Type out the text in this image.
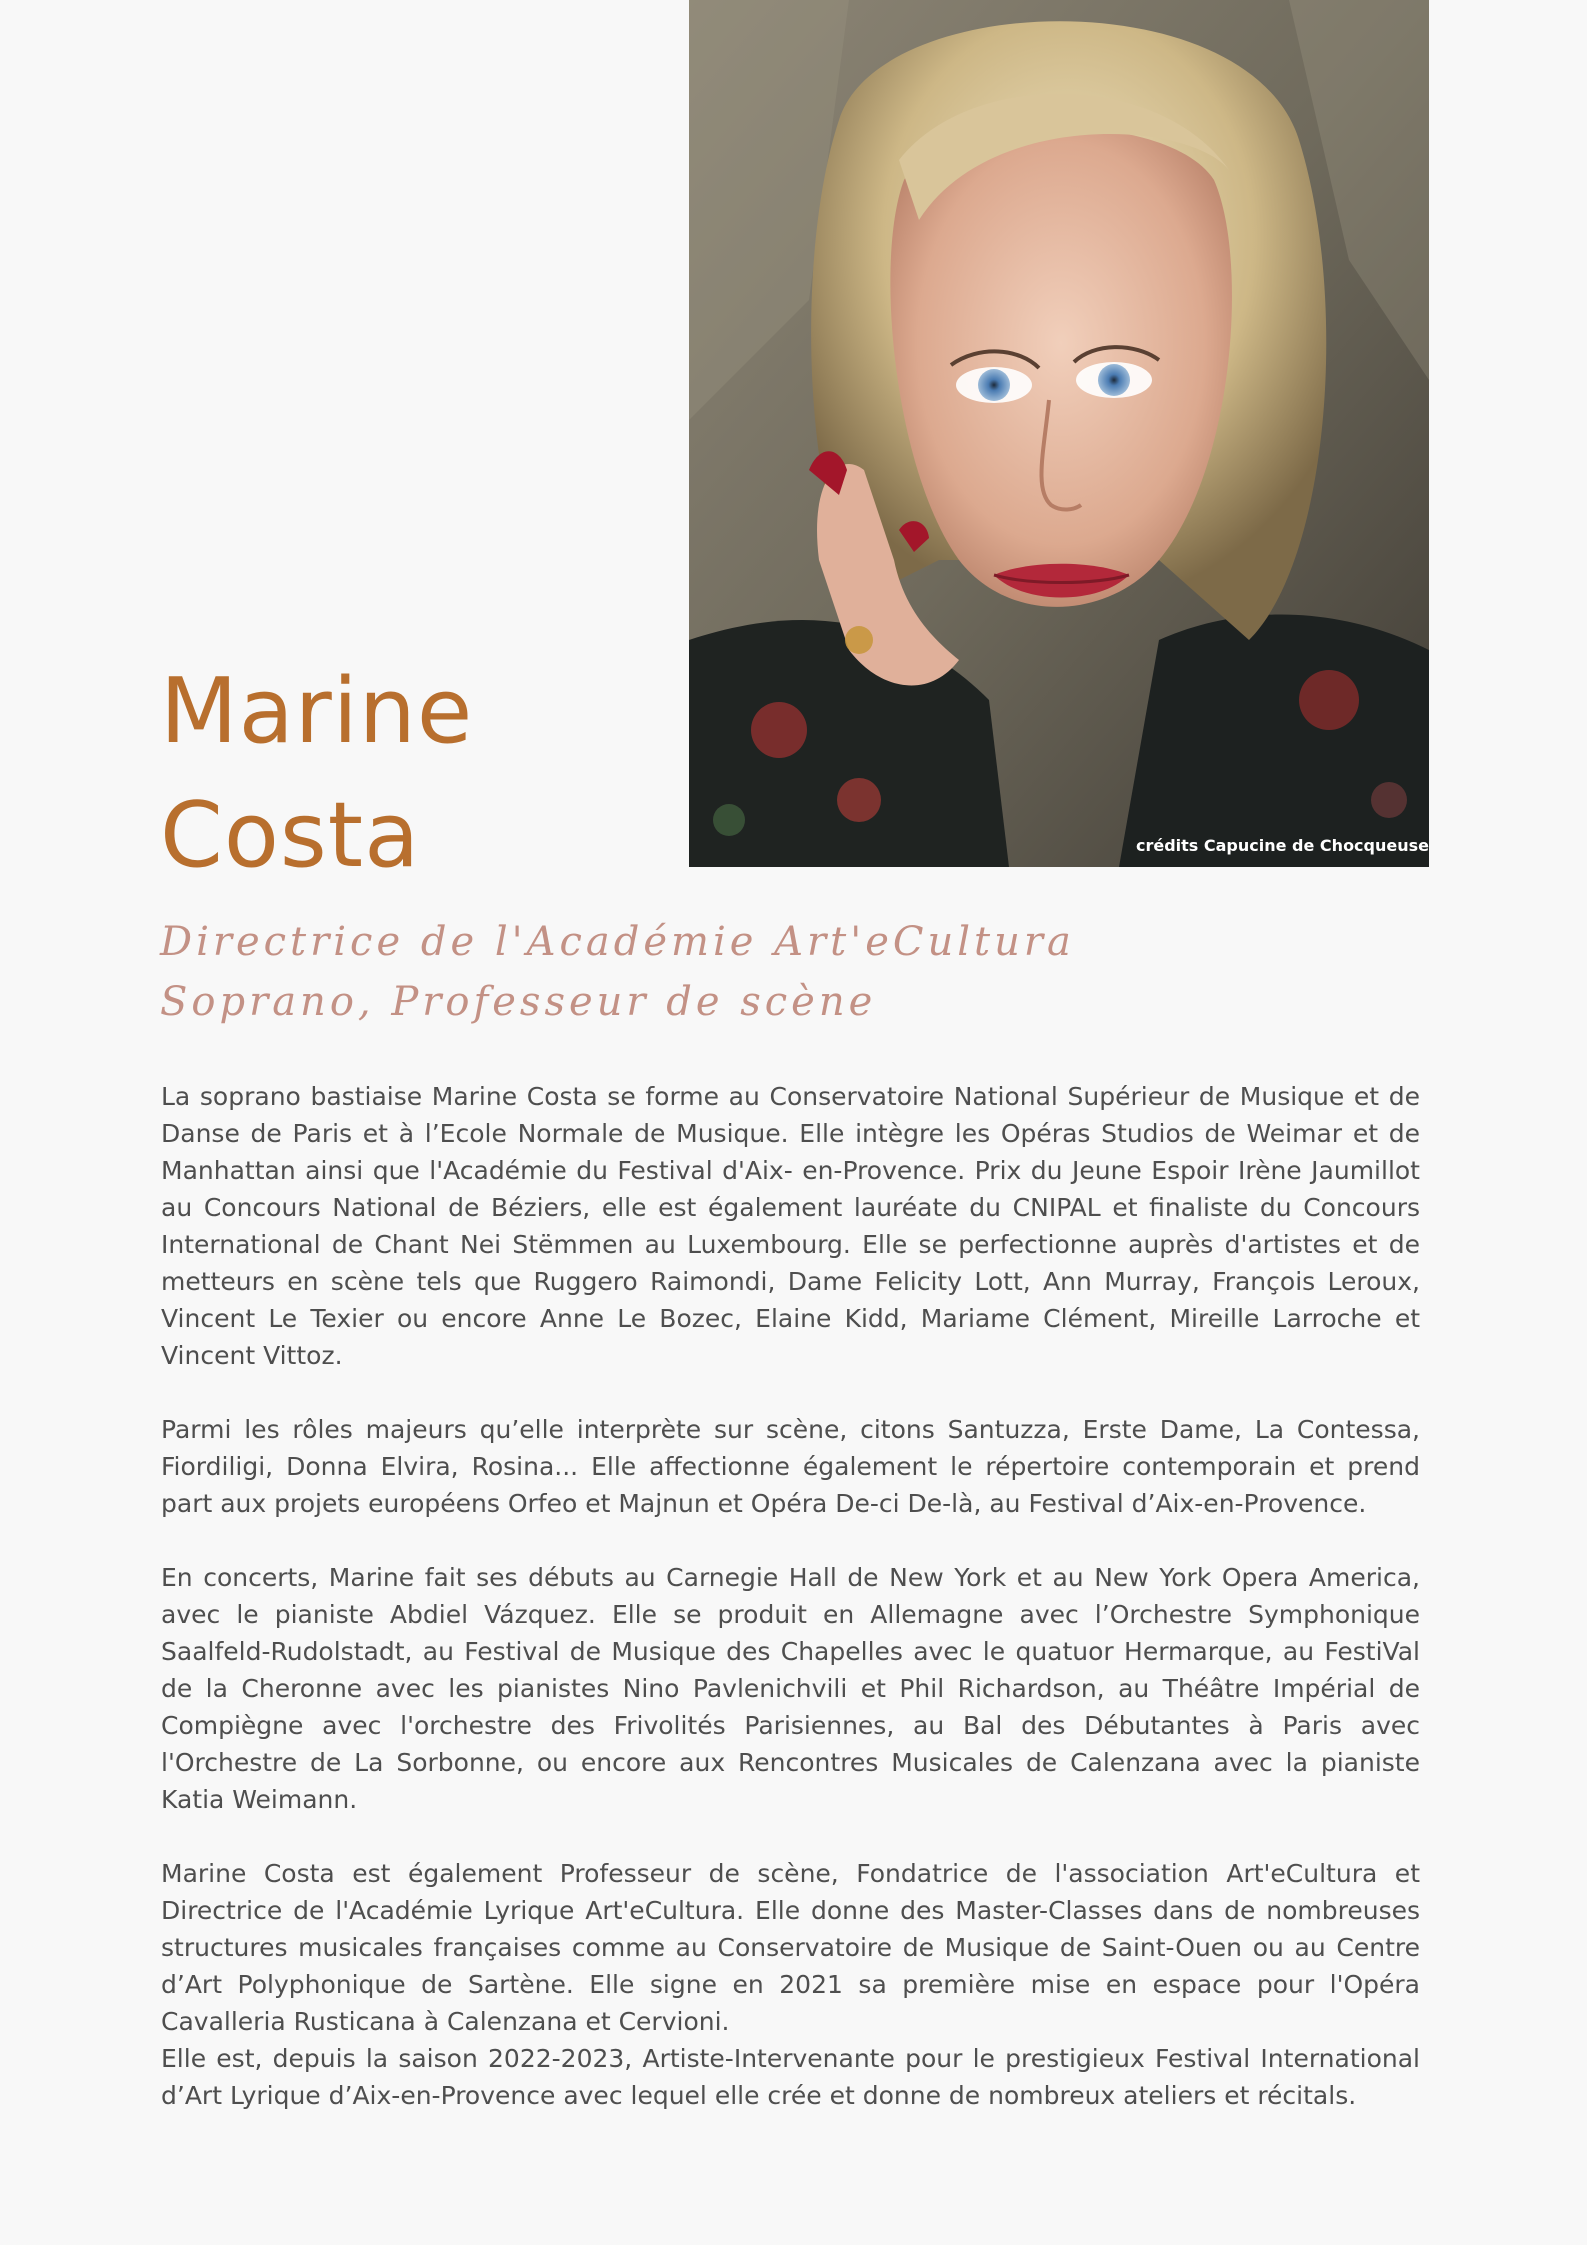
crédits Capucine de Chocqueuse
Marine
Costa
Directrice de l'Académie Art'eCultura
Soprano, Professeur de scène

La soprano bastiaise Marine Costa se forme au Conservatoire National Supérieur de Musique et de Danse de Paris et à l’Ecole Normale de Musique. Elle intègre les Opéras Studios de Weimar et de Manhattan ainsi que l'Académie du Festival d'Aix- en-Provence. Prix du Jeune Espoir Irène Jaumillot au Concours National de Béziers, elle est également lauréate du CNIPAL et finaliste du Concours International de Chant Nei Stëmmen au Luxembourg. Elle se perfectionne auprès d'artistes et de metteurs en scène tels que Ruggero Raimondi, Dame Felicity Lott, Ann Murray, François Leroux, Vincent Le Texier ou encore Anne Le Bozec, Elaine Kidd, Mariame Clément, Mireille Larroche et Vincent Vittoz.

Parmi les rôles majeurs qu’elle interprète sur scène, citons Santuzza, Erste Dame, La Contessa, Fiordiligi, Donna Elvira, Rosina... Elle affectionne également le répertoire contemporain et prend part aux projets européens Orfeo et Majnun et Opéra De-ci De-là, au Festival d’Aix-en-Provence.

En concerts, Marine fait ses débuts au Carnegie Hall de New York et au New York Opera America, avec le pianiste Abdiel Vázquez. Elle se produit en Allemagne avec l’Orchestre Symphonique Saalfeld-Rudolstadt, au Festival de Musique des Chapelles avec le quatuor Hermarque, au FestiVal de la Cheronne avec les pianistes Nino Pavlenichvili et Phil Richardson, au Théâtre Impérial de Compiègne avec l'orchestre des Frivolités Parisiennes, au Bal des Débutantes à Paris avec l'Orchestre de La Sorbonne, ou encore aux Rencontres Musicales de Calenzana avec la pianiste Katia Weimann.

Marine Costa est également Professeur de scène, Fondatrice de l'association Art'eCultura et Directrice de l'Académie Lyrique Art'eCultura. Elle donne des Master-Classes dans de nombreuses structures musicales françaises comme au Conservatoire de Musique de Saint-Ouen ou au Centre d’Art Polyphonique de Sartène. Elle signe en 2021 sa première mise en espace pour l'Opéra Cavalleria Rusticana à Calenzana et Cervioni.

Elle est, depuis la saison 2022-2023, Artiste-Intervenante pour le prestigieux Festival International d’Art Lyrique d’Aix-en-Provence avec lequel elle crée et donne de nombreux ateliers et récitals.
